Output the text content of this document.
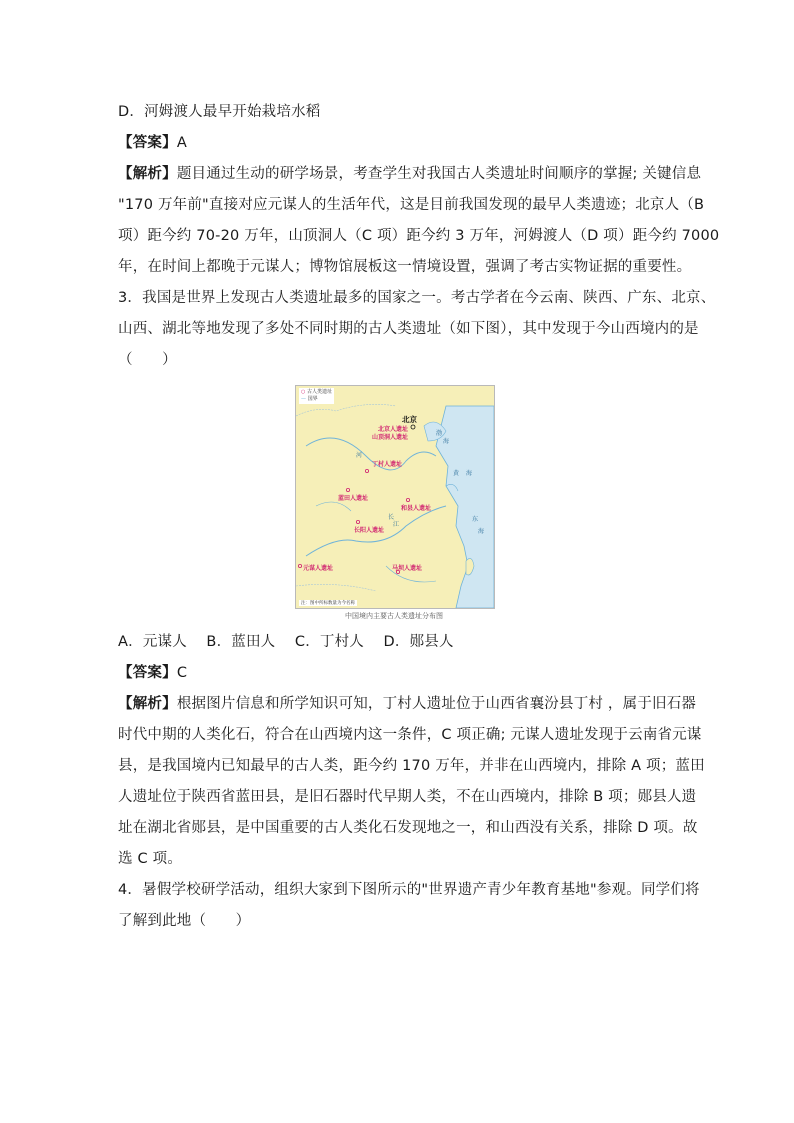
D．河姆渡人最早开始栽培水稻
【答案】A
【解析】题目通过生动的研学场景，考查学生对我国古人类遗址时间顺序的掌握; 关键信息
"170 万年前"直接对应元谋人的生活年代，这是目前我国发现的最早人类遗迹；北京人（B
项）距今约 70-20 万年，山顶洞人（C 项）距今约 3 万年，河姆渡人（D 项）距今约 7000
年，在时间上都晚于元谋人；博物馆展板这一情境设置，强调了考古实物证据的重要性。
3．我国是世界上发现古人类遗址最多的国家之一。考古学者在今云南、陕西、广东、北京、
山西、湖北等地发现了多处不同时期的古人类遗址（如下图），其中发现于今山西境内的是
（　　）
○ 古人类遗址
— 国界
北京
北京人遗址
山顶洞人遗址
丁村人遗址
蓝田人遗址
和县人遗址
长阳人遗址
元谋人遗址	马坝人遗址
渤
海
黄 海
东
海
长
江
河
注：图中所标数量为今名称
中国境内主要古人类遗址分布图
A．元谋人　 B．蓝田人　 C．丁村人　 D．郧县人
【答案】C
【解析】根据图片信息和所学知识可知，丁村人遗址位于山西省襄汾县丁村 ，属于旧石器
时代中期的人类化石，符合在山西境内这一条件，C 项正确; 元谋人遗址发现于云南省元谋
县，是我国境内已知最早的古人类，距今约 170 万年，并非在山西境内，排除 A 项；蓝田
人遗址位于陕西省蓝田县，是旧石器时代早期人类，不在山西境内，排除 B 项；郧县人遗
址在湖北省郧县，是中国重要的古人类化石发现地之一，和山西没有关系，排除 D 项。故
选 C 项。
4．暑假学校研学活动，组织大家到下图所示的"世界遗产青少年教育基地"参观。同学们将
了解到此地（　　）
